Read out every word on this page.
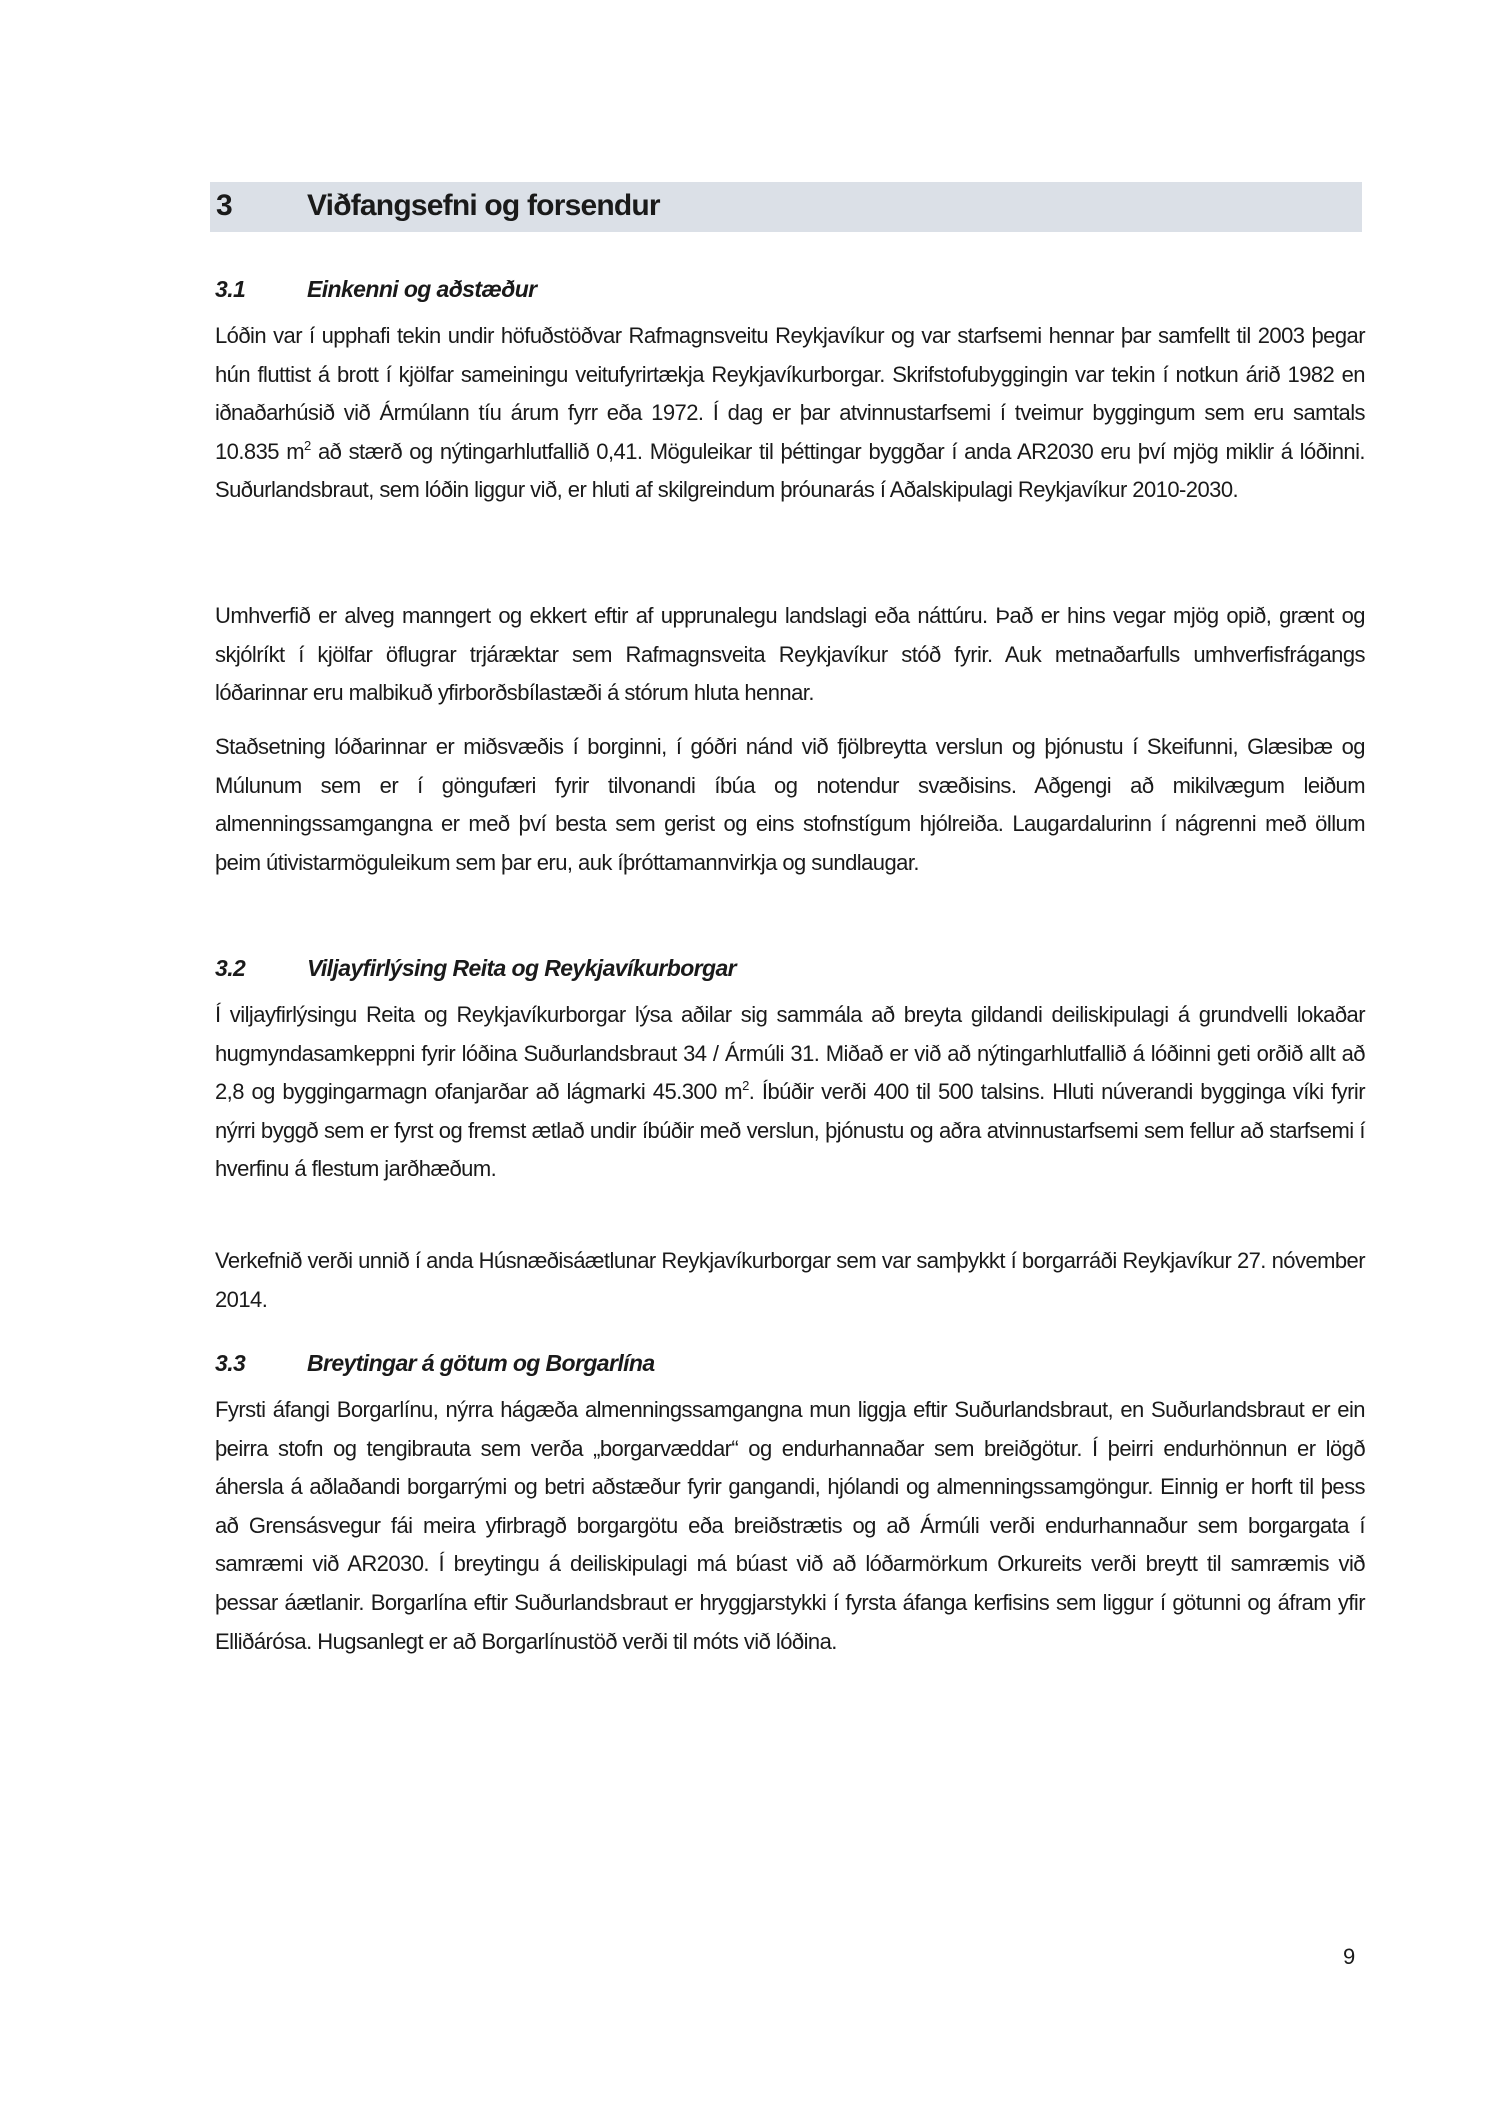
3 Viðfangsefni og forsendur
3.1	Einkenni og aðstæður

Lóðin var í upphafi tekin undir höfuðstöðvar Rafmagnsveitu Reykjavíkur og var starfsemi hennar þar samfellt til 2003 þegar hún fluttist á brott í kjölfar sameiningu veitufyrirtækja Reykjavíkurborgar. Skrifstofubyggingin var tekin í notkun árið 1982 en iðnaðarhúsið við Ármúlann tíu árum fyrr eða 1972. Í dag er þar atvinnustarfsemi í tveimur byggingum sem eru samtals 10.835 $m^2$ að stærð og nýtingarhlutfallið 0,41. Möguleikar til þéttingar byggðar í anda AR2030 eru því mjög miklir á lóðinni. Suðurlandsbraut, sem lóðin liggur við, er hluti af skilgreindum þróunarás í Aðalskipulagi Reykjavíkur 2010-2030.

Umhverfið er alveg manngert og ekkert eftir af upprunalegu landslagi eða náttúru. Það er hins vegar mjög opið, grænt og skjólríkt í kjölfar öflugrar trjáræktar sem Rafmagnsveita Reykjavíkur stóð fyrir. Auk metnaðarfulls umhverfisfrágangs lóðarinnar eru malbikuð yfirborðsbílastæði á stórum hluta hennar.

Staðsetning lóðarinnar er miðsvæðis í borginni, í góðri nánd við fjölbreytta verslun og þjónustu í Skeifunni, Glæsibæ og Múlunum sem er í göngufæri fyrir tilvonandi íbúa og notendur svæðisins. Aðgengi að mikilvægum leiðum almenningssamgangna er með því besta sem gerist og eins stofnstígum hjólreiða. Laugardalurinn í nágrenni með öllum þeim útivistarmöguleikum sem þar eru, auk íþróttamannvirkja og sundlaugar.

3.2	Viljayfirlýsing Reita og Reykjavíkurborgar

Í viljayfirlýsingu Reita og Reykjavíkurborgar lýsa aðilar sig sammála að breyta gildandi deiliskipulagi á grundvelli lokaðar hugmyndasamkeppni fyrir lóðina Suðurlandsbraut 34 / Ármúli 31. Miðað er við að nýtingarhlutfallið á lóðinni geti orðið allt að 2,8 og byggingarmagn ofanjarðar að lágmarki 45.300 $m^2$. Íbúðir verði 400 til 500 talsins. Hluti núverandi bygginga víki fyrir nýrri byggð sem er fyrst og fremst ætlað undir íbúðir með verslun, þjónustu og aðra atvinnustarfsemi sem fellur að starfsemi í hverfinu á flestum jarðhæðum.

Verkefnið verði unnið í anda Húsnæðisáætlunar Reykjavíkurborgar sem var samþykkt í borgarráði Reykjavíkur 27. nóvember 2014.

3.3	Breytingar á götum og Borgarlína

Fyrsti áfangi Borgarlínu, nýrra hágæða almenningssamgangna mun liggja eftir Suðurlandsbraut, en Suðurlandsbraut er ein þeirra stofn og tengibrauta sem verða „borgarvæddar“ og endurhannaðar sem breiðgötur. Í þeirri endurhönnun er lögð áhersla á aðlaðandi borgarrými og betri aðstæður fyrir gangandi, hjólandi og almenningssamgöngur. Einnig er horft til þess að Grensásvegur fái meira yfirbragð borgargötu eða breiðstrætis og að Ármúli verði endurhannaður sem borgargata í samræmi við AR2030. Í breytingu á deiliskipulagi má búast við að lóðarmörkum Orkureits verði breytt til samræmis við þessar áætlanir. Borgarlína eftir Suðurlandsbraut er hryggjarstykki í fyrsta áfanga kerfisins sem liggur í götunni og áfram yfir Elliðárósa. Hugsanlegt er að Borgarlínustöð verði til móts við lóðina.

9
